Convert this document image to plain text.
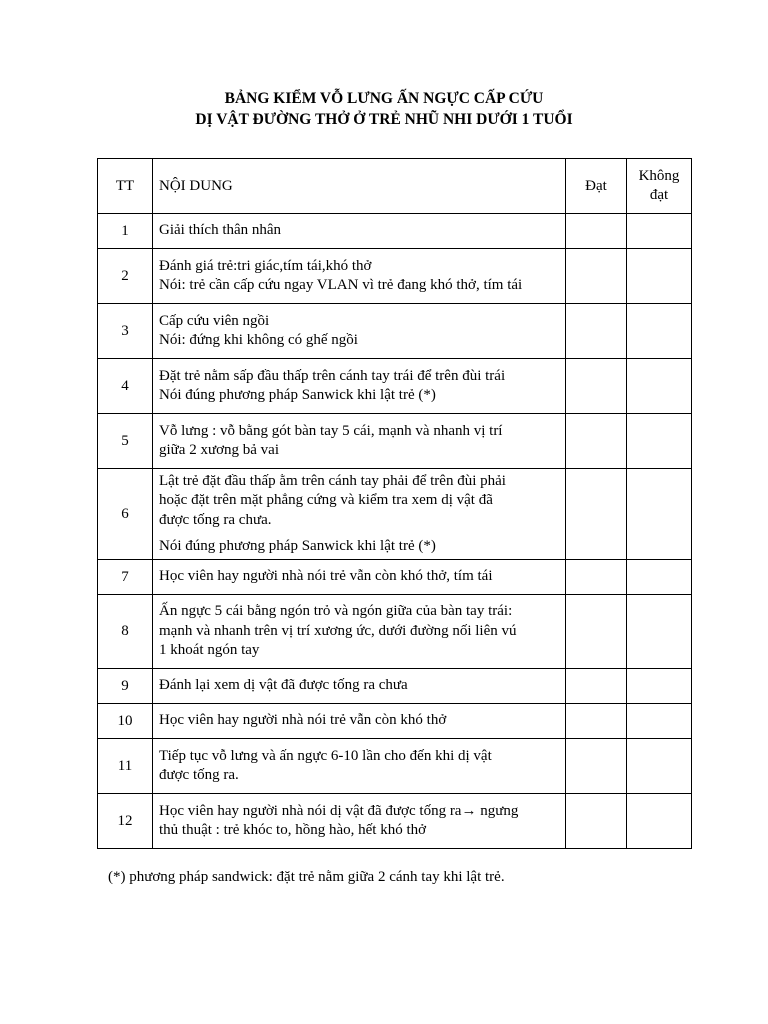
BẢNG KIỂM VỖ LƯNG ẤN NGỰC CẤP CỨU
DỊ VẬT ĐƯỜNG THỞ Ở TRẺ NHŨ NHI DƯỚI 1 TUỔI
TT	NỘI DUNG	Đạt	Không
đạt

1	Giải thích thân nhân		

2	Đánh giá trẻ:tri giác,tím tái,khó thở
Nói: trẻ cần cấp cứu ngay VLAN vì trẻ đang khó thở, tím tái		

3	Cấp cứu viên ngồi
Nói: đứng khi không có ghế ngồi		

4	Đặt trẻ nằm sấp đầu thấp trên cánh tay trái để trên đùi trái
Nói đúng phương pháp Sanwick khi lật trẻ (*)		

5	Vỗ lưng : vỗ bằng gót bàn tay 5 cái, mạnh và nhanh vị trí
giữa 2 xương bả vai		

6	Lật trẻ đặt đầu thấp ằm trên cánh tay phải để trên đùi phải
hoặc đặt trên mặt phẳng cứng và kiểm tra xem dị vật đã
được tống ra chưa.
Nói đúng phương pháp Sanwick khi lật trẻ (*)		

7	Học viên hay người nhà nói trẻ vẫn còn khó thở, tím tái		

8	Ấn ngực 5 cái bằng ngón trỏ và ngón giữa của bàn tay trái:
mạnh và nhanh trên vị trí xương ức, dưới đường nối liên vú
1 khoát ngón tay		

9	Đánh lại xem dị vật đã được tống ra chưa		

10	Học viên hay người nhà nói trẻ vẫn còn khó thở		

11	Tiếp tục vỗ lưng và ấn ngực 6-10 lần cho đến khi dị vật
được tống ra.		

12	Học viên hay người nhà nói dị vật đã được tống ra→ ngưng
thủ thuật : trẻ khóc to, hồng hào, hết khó thở		

(*) phương pháp sandwick: đặt trẻ nằm giữa 2 cánh tay khi lật trẻ.
